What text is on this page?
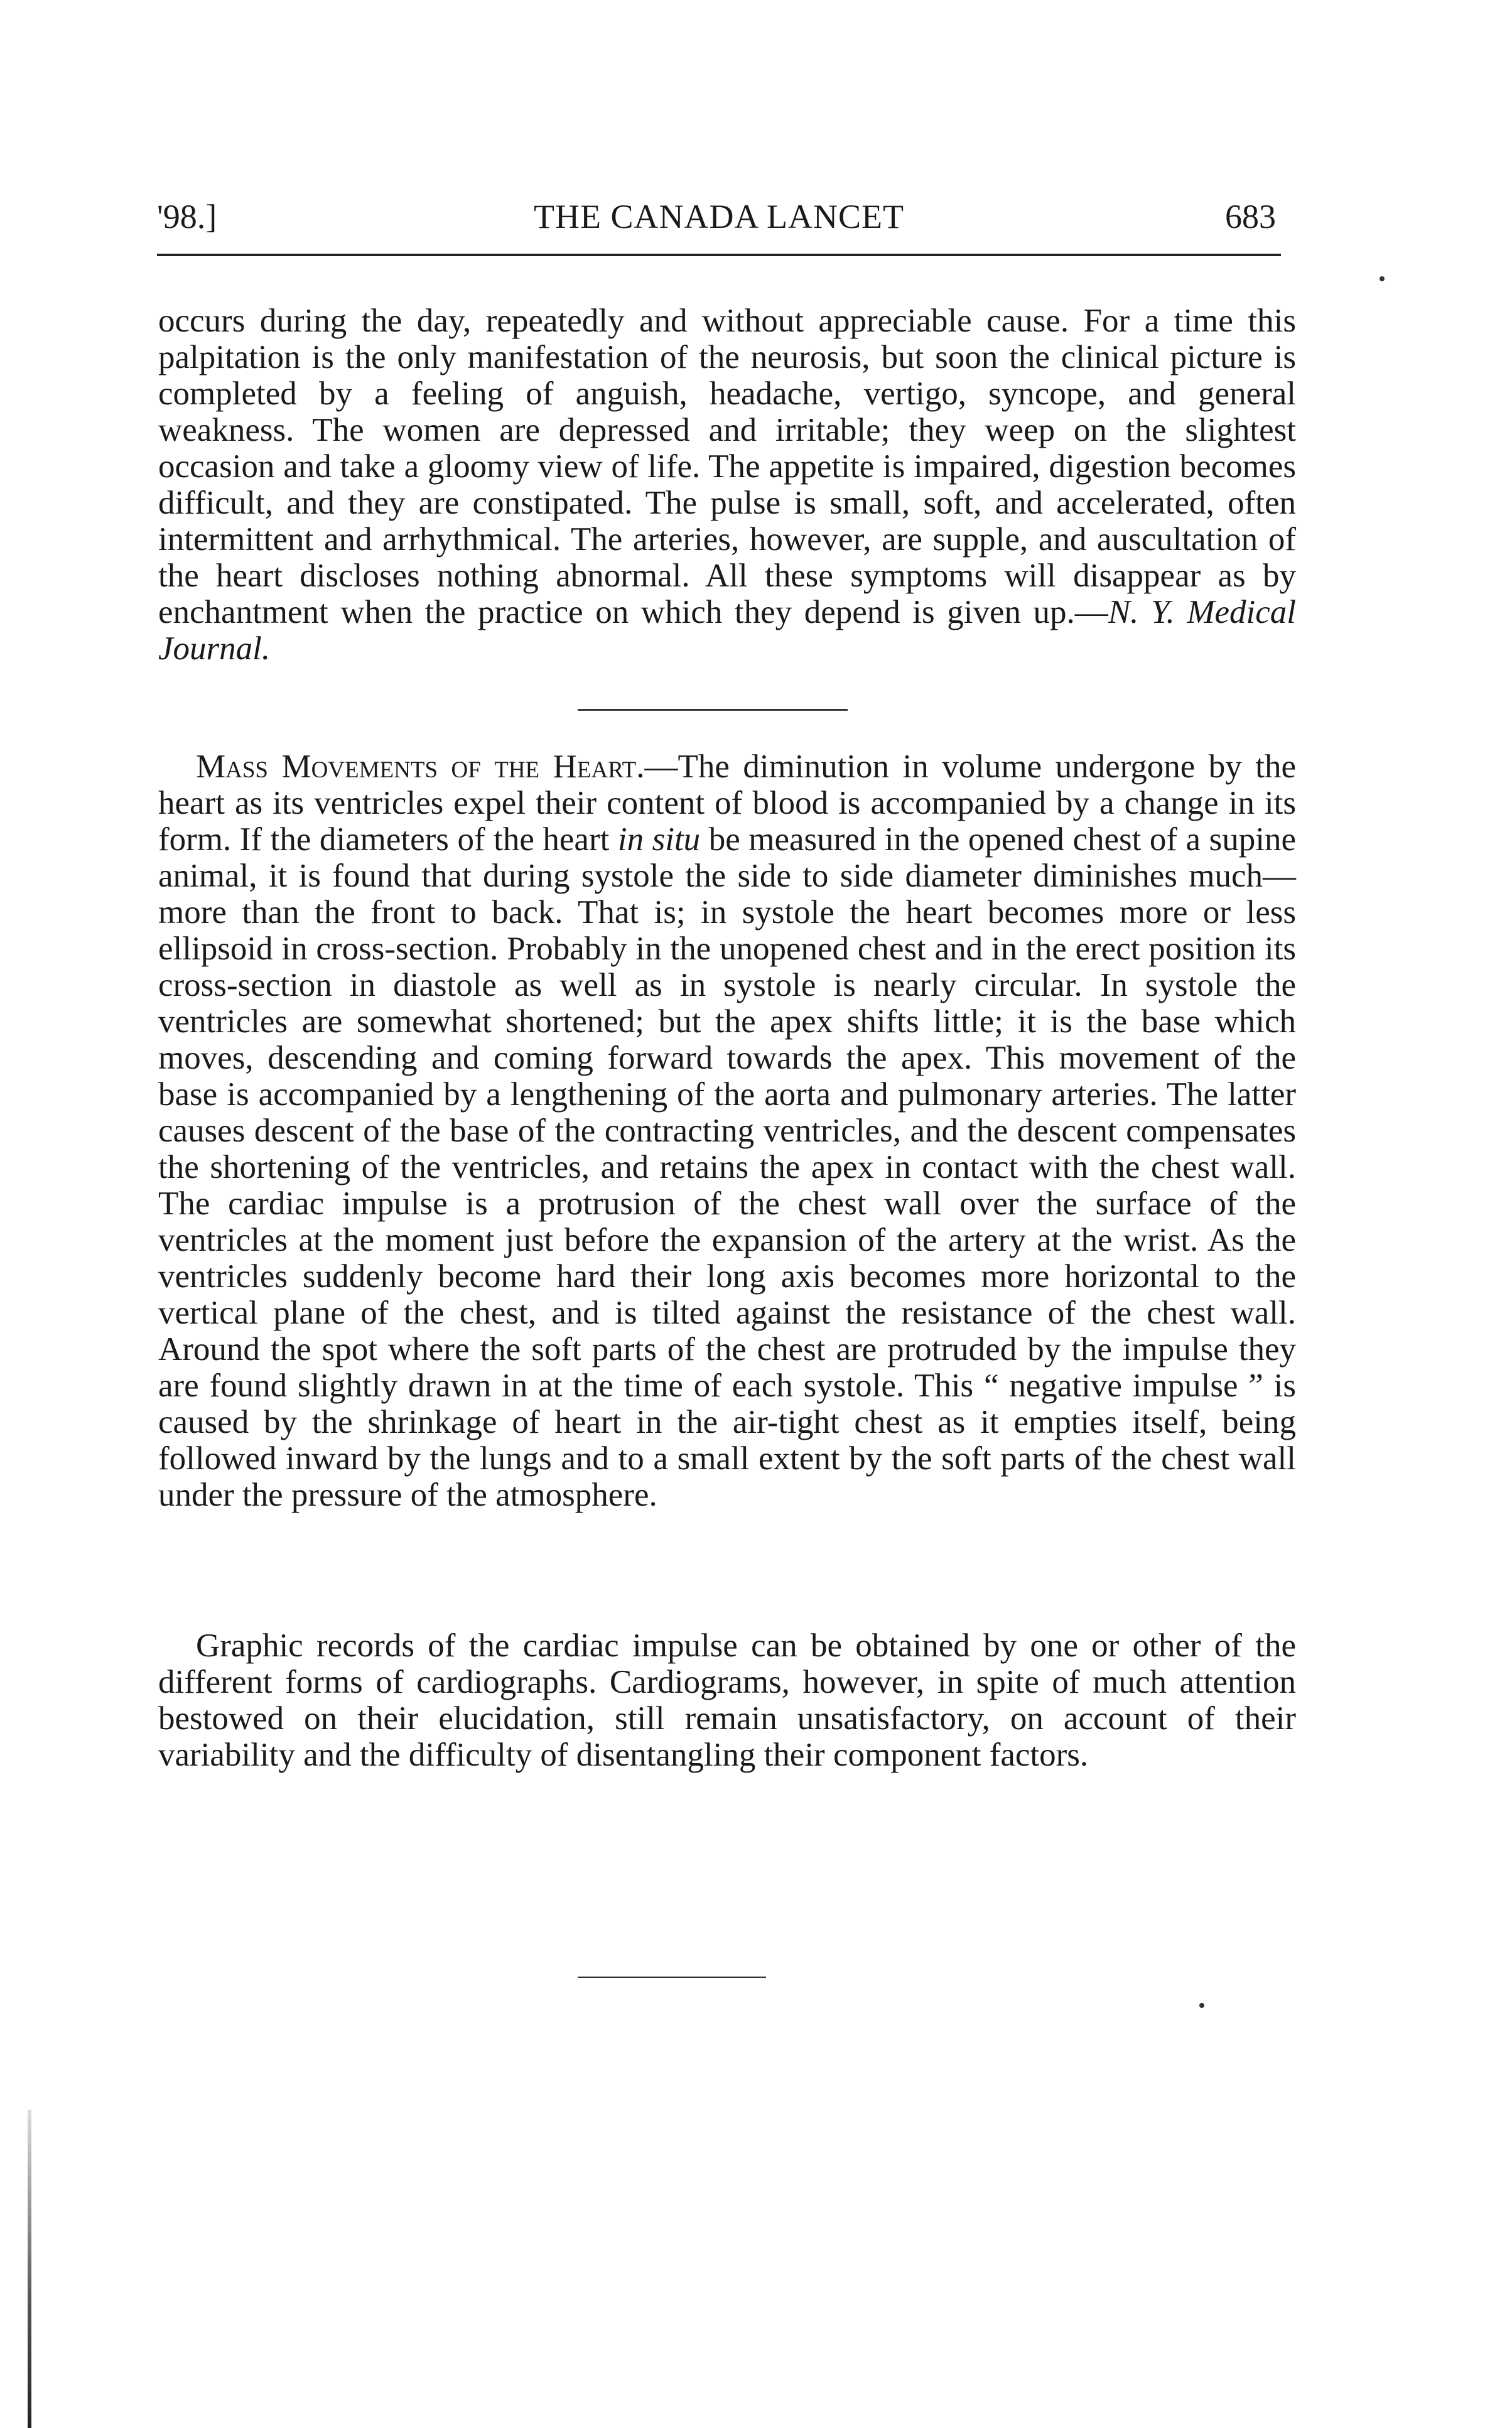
'98.]	THE CANADA LANCET	683

occurs during the day, repeatedly and without appreciable cause. For a time this palpitation is the only manifestation of the neurosis, but soon the clinical picture is completed by a feeling of anguish, headache, vertigo, syncope, and general weakness. The women are depressed and irritable; they weep on the slightest occasion and take a gloomy view of life. The appetite is impaired, digestion becomes difficult, and they are constipated. The pulse is small, soft, and accelerated, often intermittent and arrhythmical. The arteries, however, are supple, and auscultation of the heart discloses nothing abnormal. All these symptoms will disappear as by enchantment when the practice on which they depend is given up.—N. Y. Medical Journal.

Mass Movements of the Heart.—The diminution in volume undergone by the heart as its ventricles expel their content of blood is accompanied by a change in its form. If the diameters of the heart in situ be measured in the opened chest of a supine animal, it is found that during systole the side to side diameter diminishes much—more than the front to back. That is; in systole the heart becomes more or less ellipsoid in cross-section. Probably in the unopened chest and in the erect position its cross-section in diastole as well as in systole is nearly circular. In systole the ventricles are somewhat shortened; but the apex shifts little; it is the base which moves, descending and coming forward towards the apex. This movement of the base is accompanied by a lengthening of the aorta and pulmonary arteries. The latter causes descent of the base of the contracting ventricles, and the descent compensates the shortening of the ventricles, and retains the apex in contact with the chest wall. The cardiac impulse is a protrusion of the chest wall over the surface of the ventricles at the moment just before the expansion of the artery at the wrist. As the ventricles suddenly become hard their long axis becomes more horizontal to the vertical plane of the chest, and is tilted against the resistance of the chest wall. Around the spot where the soft parts of the chest are protruded by the impulse they are found slightly drawn in at the time of each systole. This “ negative impulse ” is caused by the shrinkage of heart in the air-tight chest as it empties itself, being followed inward by the lungs and to a small extent by the soft parts of the chest wall under the pressure of the atmosphere.

Graphic records of the cardiac impulse can be obtained by one or other of the different forms of cardiographs. Cardiograms, however, in spite of much attention bestowed on their elucidation, still remain unsatisfactory, on account of their variability and the difficulty of disentangling their component factors.
